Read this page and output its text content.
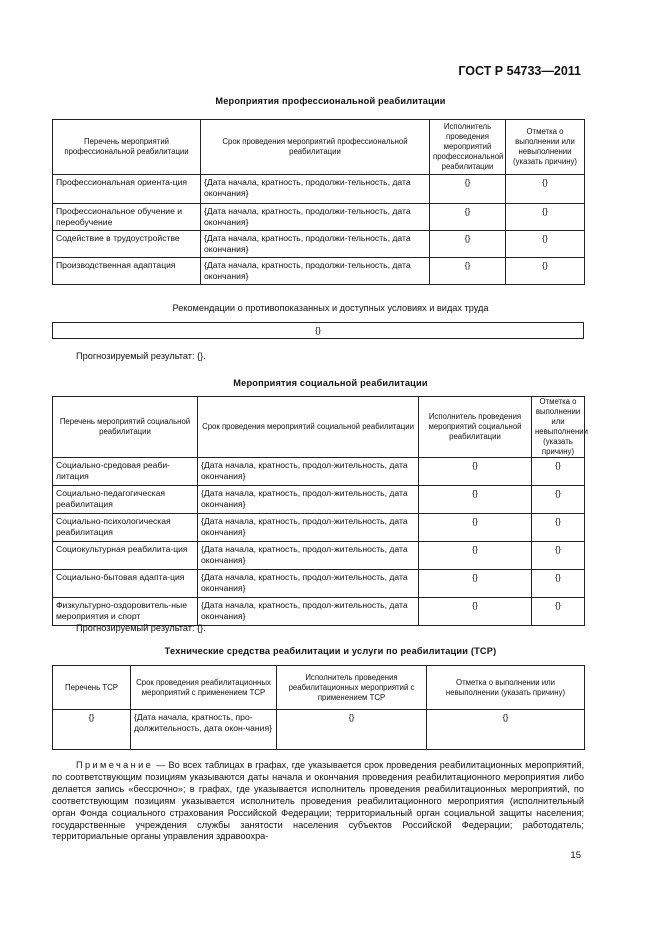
ГОСТ Р 54733—2011
Мероприятия профессиональной реабилитации
Перечень мероприятий профессиональной реабилитации	Срок проведения мероприятий профессиональной реабилитации	Исполнитель проведения мероприятий профессиональной реабилитации	Отметка о выполнении или невыполнении (указать причину)
Профессиональная ориента-ция	{Дата начала, кратность, продолжи-тельность, дата окончания}	{}	{}
Профессиональное обучение и переобучение	{Дата начала, кратность, продолжи-тельность, дата окончания}	{}	{}
Содействие в трудоустройстве	{Дата начала, кратность, продолжи-тельность, дата окончания}	{}	{}
Производственная адаптация	{Дата начала, кратность, продолжи-тельность, дата окончания}	{}	{}
Рекомендации о противопоказанных и доступных условиях и видах труда
{}
Прогнозируемый результат: {}.
Мероприятия социальной реабилитации
Перечень мероприятий социальной реабилитации	Срок проведения мероприятий социальной реабилитации	Исполнитель проведения мероприятий социальной реабилитации	Отметка о выполнении или невыполнении (указать причину)
Социально-средовая реаби-литация	{Дата начала, кратность, продол-жительность, дата окончания}	{}	{}
Социально-педагогическая реабилитация	{Дата начала, кратность, продол-жительность, дата окончания}	{}	{}
Социально-психологическая реабилитация	{Дата начала, кратность, продол-жительность, дата окончания}	{}	{}
Социокультурная реабилита-ция	{Дата начала, кратность, продол-жительность, дата окончания}	{}	{}
Социально-бытовая адапта-ция	{Дата начала, кратность, продол-жительность, дата окончания}	{}	{}
Физкультурно-оздоровитель-ные мероприятия и спорт	{Дата начала, кратность, продол-жительность, дата окончания}	{}	{}
Прогнозируемый результат: {}.
Технические средства реабилитации и услуги по реабилитации (ТСР)
Перечень ТСР	Срок проведения реабилитационных мероприятий с применением ТСР	Исполнитель проведения реабилитационных мероприятий с применением ТСР	Отметка о выполнении или невыполнении (указать причину)
{}	{Дата начала, кратность, про-должительность, дата окон-чания}	{}	{}
Примечание — Во всех таблицах в графах, где указывается срок проведения реабилитационных мероприятий, по соответствующим позициям указываются даты начала и окончания проведения реабилитационного мероприятия либо делается запись «бессрочно»; в графах, где указывается исполнитель проведения реабилитационных мероприятий, по соответствующим позициям указывается исполнитель проведения реабилитационного мероприятия (исполнительный орган Фонда социального страхования Российской Федерации; территориальный орган социальной защиты населения; государственные учреждения службы занятости населения субъектов Российской Федерации; работодатель; территориальные органы управления здравоохра-
15
